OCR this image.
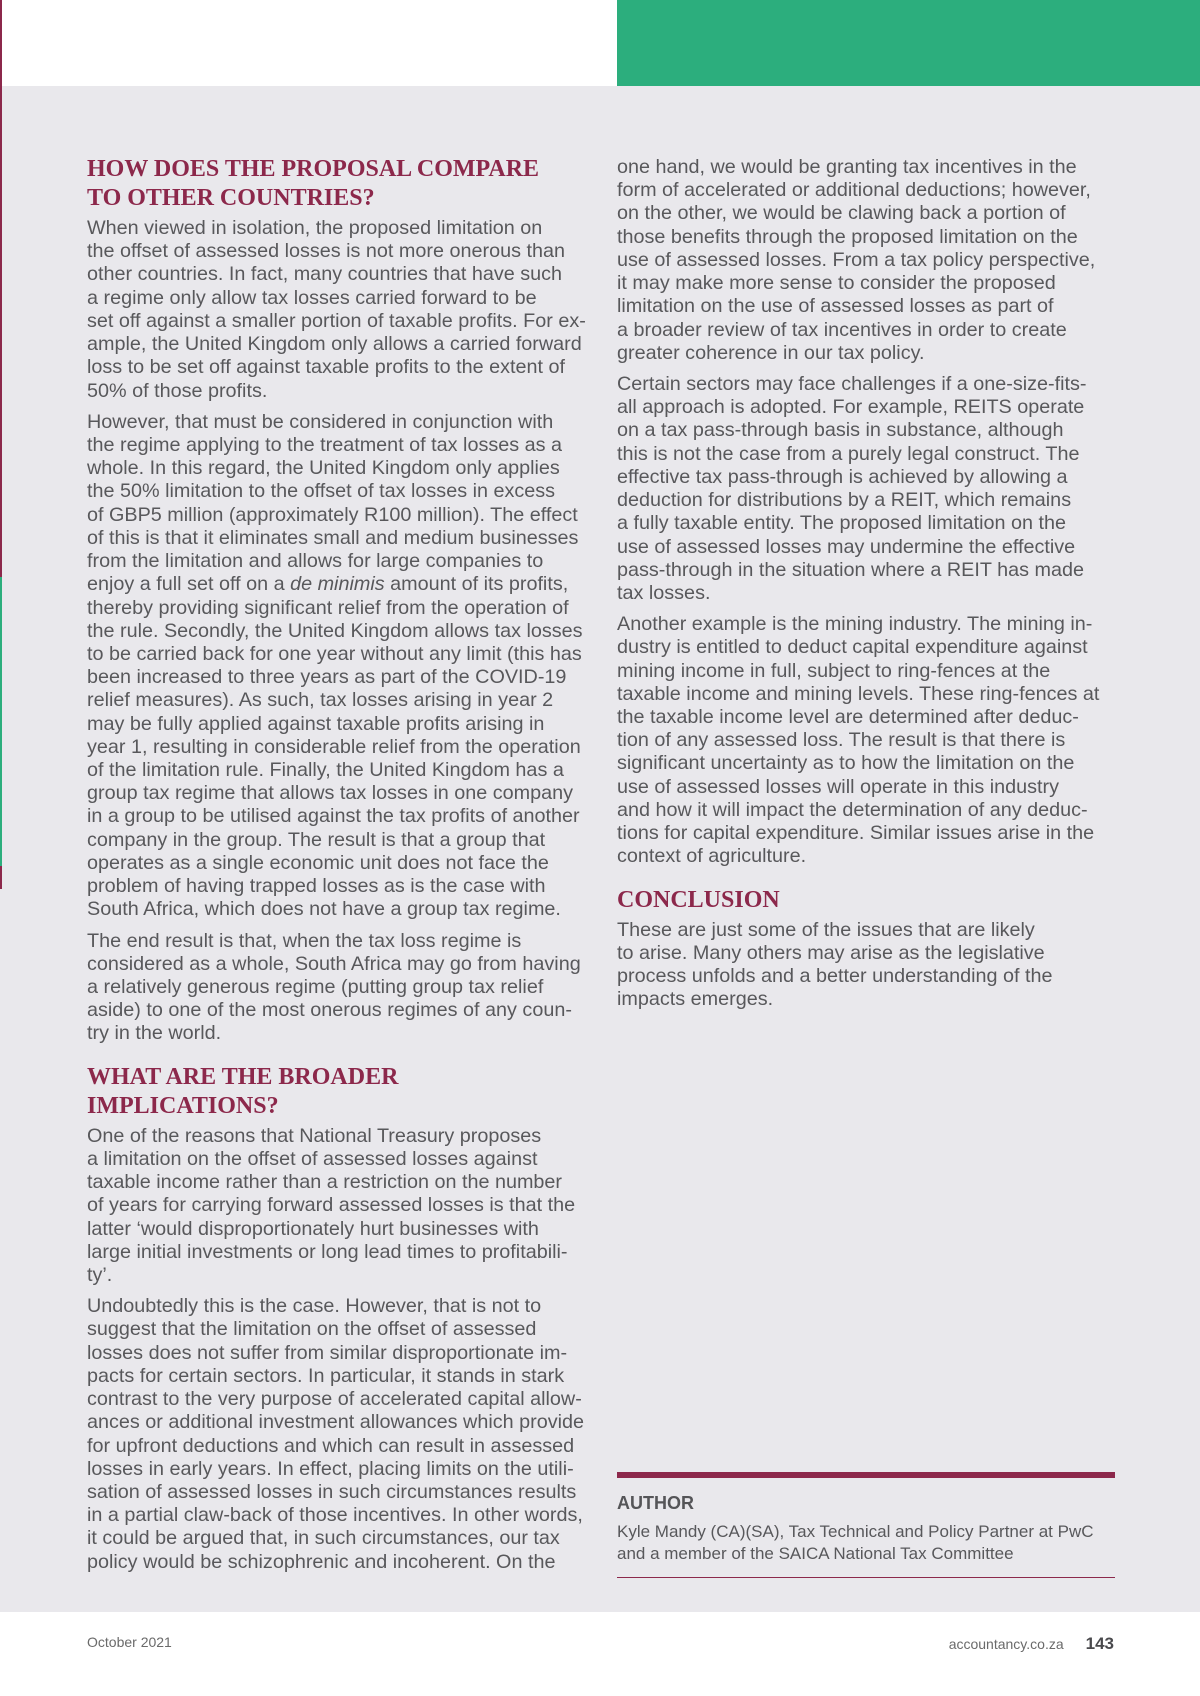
HOW DOES THE PROPOSAL COMPARE
TO OTHER COUNTRIES?

When viewed in isolation, the proposed limitation on
the offset of assessed losses is not more onerous than
other countries. In fact, many countries that have such
a regime only allow tax losses carried forward to be
set off against a smaller portion of taxable profits. For ex-
ample, the United Kingdom only allows a carried forward
loss to be set off against taxable profits to the extent of
50% of those profits.

However, that must be considered in conjunction with
the regime applying to the treatment of tax losses as a
whole. In this regard, the United Kingdom only applies
the 50% limitation to the offset of tax losses in excess
of GBP5 million (approximately R100 million). The effect
of this is that it eliminates small and medium businesses
from the limitation and allows for large companies to
enjoy a full set off on a de minimis amount of its profits,
thereby providing significant relief from the operation of
the rule. Secondly, the United Kingdom allows tax losses
to be carried back for one year without any limit (this has
been increased to three years as part of the COVID-19
relief measures). As such, tax losses arising in year 2
may be fully applied against taxable profits arising in
year 1, resulting in considerable relief from the operation
of the limitation rule. Finally, the United Kingdom has a
group tax regime that allows tax losses in one company
in a group to be utilised against the tax profits of another
company in the group. The result is that a group that
operates as a single economic unit does not face the
problem of having trapped losses as is the case with
South Africa, which does not have a group tax regime.

The end result is that, when the tax loss regime is
considered as a whole, South Africa may go from having
a relatively generous regime (putting group tax relief
aside) to one of the most onerous regimes of any coun-
try in the world.

WHAT ARE THE BROADER
IMPLICATIONS?

One of the reasons that National Treasury proposes
a limitation on the offset of assessed losses against
taxable income rather than a restriction on the number
of years for carrying forward assessed losses is that the
latter ‘would disproportionately hurt businesses with
large initial investments or long lead times to profitabili-
ty’.

Undoubtedly this is the case. However, that is not to
suggest that the limitation on the offset of assessed
losses does not suffer from similar disproportionate im-
pacts for certain sectors. In particular, it stands in stark
contrast to the very purpose of accelerated capital allow-
ances or additional investment allowances which provide
for upfront deductions and which can result in assessed
losses in early years. In effect, placing limits on the utili-
sation of assessed losses in such circumstances results
in a partial claw-back of those incentives. In other words,
it could be argued that, in such circumstances, our tax
policy would be schizophrenic and incoherent. On the

one hand, we would be granting tax incentives in the
form of accelerated or additional deductions; however,
on the other, we would be clawing back a portion of
those benefits through the proposed limitation on the
use of assessed losses. From a tax policy perspective,
it may make more sense to consider the proposed
limitation on the use of assessed losses as part of
a broader review of tax incentives in order to create
greater coherence in our tax policy.

Certain sectors may face challenges if a one-size-fits-
all approach is adopted. For example, REITS operate
on a tax pass-through basis in substance, although
this is not the case from a purely legal construct. The
effective tax pass-through is achieved by allowing a
deduction for distributions by a REIT, which remains
a fully taxable entity. The proposed limitation on the
use of assessed losses may undermine the effective
pass-through in the situation where a REIT has made
tax losses.

Another example is the mining industry. The mining in-
dustry is entitled to deduct capital expenditure against
mining income in full, subject to ring-fences at the
taxable income and mining levels. These ring-fences at
the taxable income level are determined after deduc-
tion of any assessed loss. The result is that there is
significant uncertainty as to how the limitation on the
use of assessed losses will operate in this industry
and how it will impact the determination of any deduc-
tions for capital expenditure. Similar issues arise in the
context of agriculture.

CONCLUSION

These are just some of the issues that are likely
to arise. Many others may arise as the legislative
process unfolds and a better understanding of the
impacts emerges.

AUTHOR
Kyle Mandy (CA)(SA), Tax Technical and Policy Partner at PwC
and a member of the SAICA National Tax Committee
October 2021	accountancy.co.za 143
